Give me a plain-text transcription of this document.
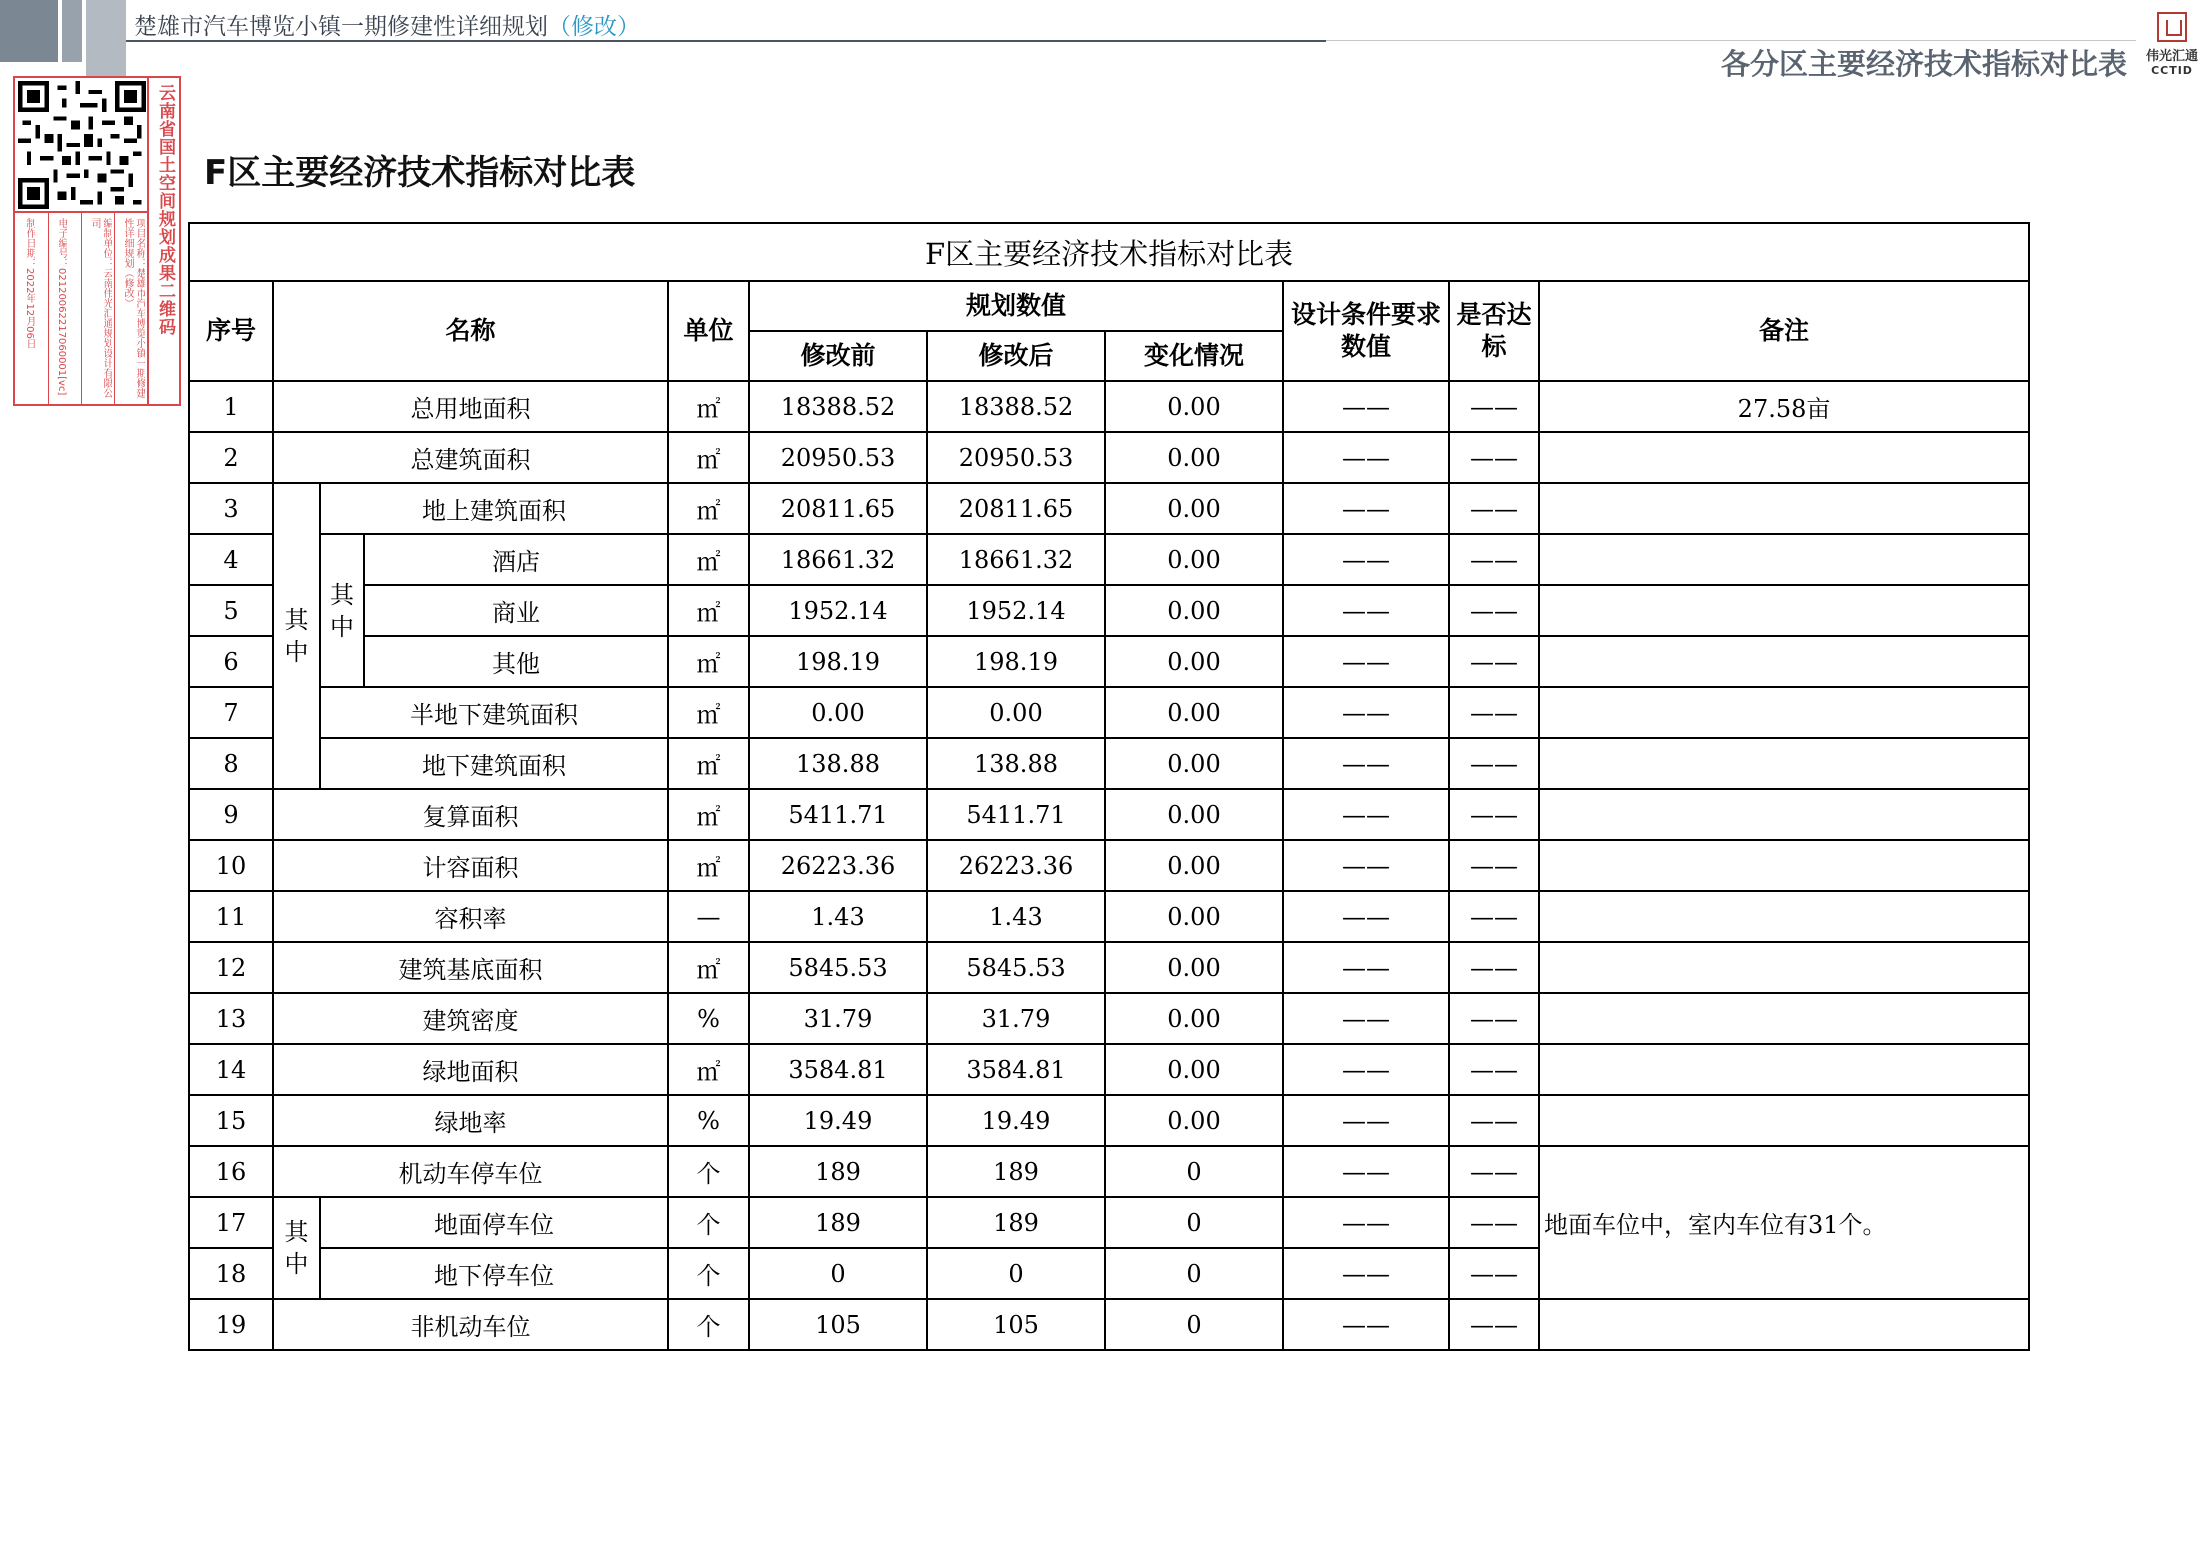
楚雄市汽车博览小镇一期修建性详细规划（修改）
各分区主要经济技术指标对比表 伟光汇通
CCTID
云南省国土空间规划成果二维码
项目名称：楚雄市汽车博览小镇一期修建性详细规划（修改）
编制单位：云南伟光汇通规划设计有限公司
电子编号：02120062217060001[vc]
制作日期：2022年12月06日
F区主要经济技术指标对比表
F区主要经济技术指标对比表										
序号	名称			单位	规划数值			设计条件要求数值	是否达标	备注
					修改前	修改后	变化情况			
1	总用地面积			㎡	18388.52	18388.52	0.00	——	——	27.58亩
2	总建筑面积			㎡	20950.53	20950.53	0.00	——	——	
3	其中	地上建筑面积		㎡	20811.65	20811.65	0.00	——	——	
4		其中	酒店	㎡	18661.32	18661.32	0.00	——	——	
5			商业	㎡	1952.14	1952.14	0.00	——	——	
6			其他	㎡	198.19	198.19	0.00	——	——	
7		半地下建筑面积		㎡	0.00	0.00	0.00	——	——	
8		地下建筑面积		㎡	138.88	138.88	0.00	——	——	
9	复算面积			㎡	5411.71	5411.71	0.00	——	——	
10	计容面积			㎡	26223.36	26223.36	0.00	——	——	
11	容积率			—	1.43	1.43	0.00	——	——	
12	建筑基底面积			㎡	5845.53	5845.53	0.00	——	——	
13	建筑密度			%	31.79	31.79	0.00	——	——	
14	绿地面积			㎡	3584.81	3584.81	0.00	——	——	
15	绿地率			%	19.49	19.49	0.00	——	——	
16	机动车停车位			个	189	189	0	——	——	地面车位中，室内车位有31个。
17	其中	地面停车位		个	189	189	0	——	——	
18		地下停车位		个	0	0	0	——	——	
19	非机动车位			个	105	105	0	——	——	
